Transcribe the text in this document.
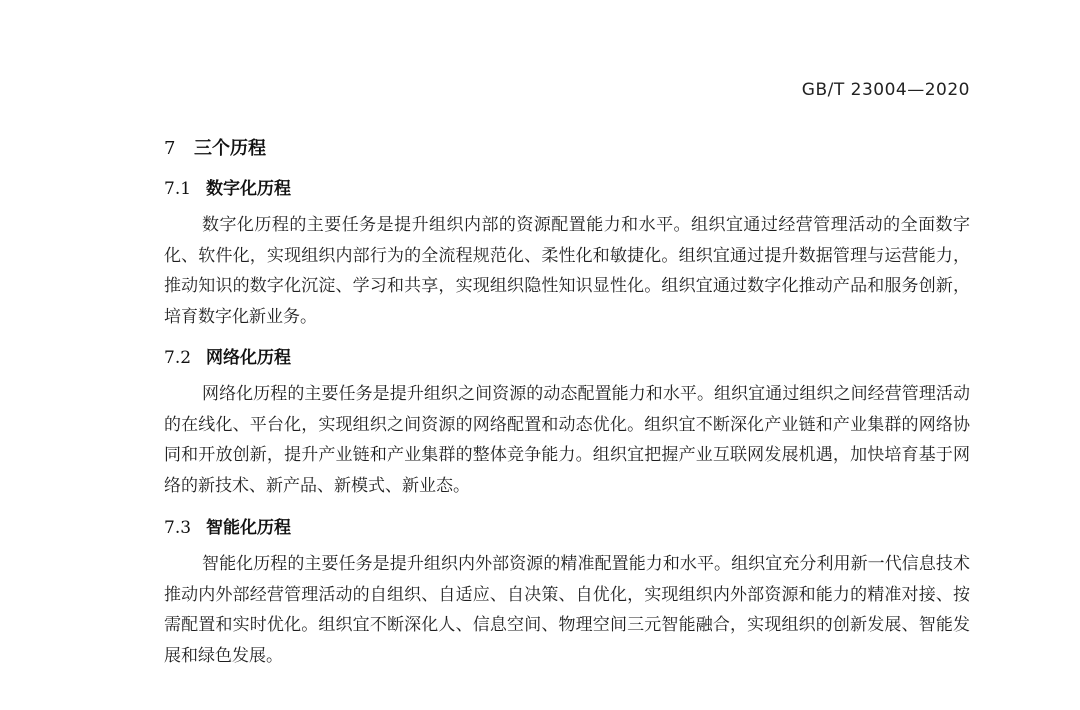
GB/T 23004—2020
7 三个历程
7.1 数字化历程

数字化历程的主要任务是提升组织内部的资源配置能力和水平。组织宜通过经营管理活动的全面数字化、软件化，实现组织内部行为的全流程规范化、柔性化和敏捷化。组织宜通过提升数据管理与运营能力，推动知识的数字化沉淀、学习和共享，实现组织隐性知识显性化。组织宜通过数字化推动产品和服务创新，培育数字化新业务。

7.2 网络化历程

网络化历程的主要任务是提升组织之间资源的动态配置能力和水平。组织宜通过组织之间经营管理活动的在线化、平台化，实现组织之间资源的网络配置和动态优化。组织宜不断深化产业链和产业集群的网络协同和开放创新，提升产业链和产业集群的整体竞争能力。组织宜把握产业互联网发展机遇，加快培育基于网络的新技术、新产品、新模式、新业态。

7.3 智能化历程

智能化历程的主要任务是提升组织内外部资源的精准配置能力和水平。组织宜充分利用新一代信息技术推动内外部经营管理活动的自组织、自适应、自决策、自优化，实现组织内外部资源和能力的精准对接、按需配置和实时优化。组织宜不断深化人、信息空间、物理空间三元智能融合，实现组织的创新发展、智能发展和绿色发展。
